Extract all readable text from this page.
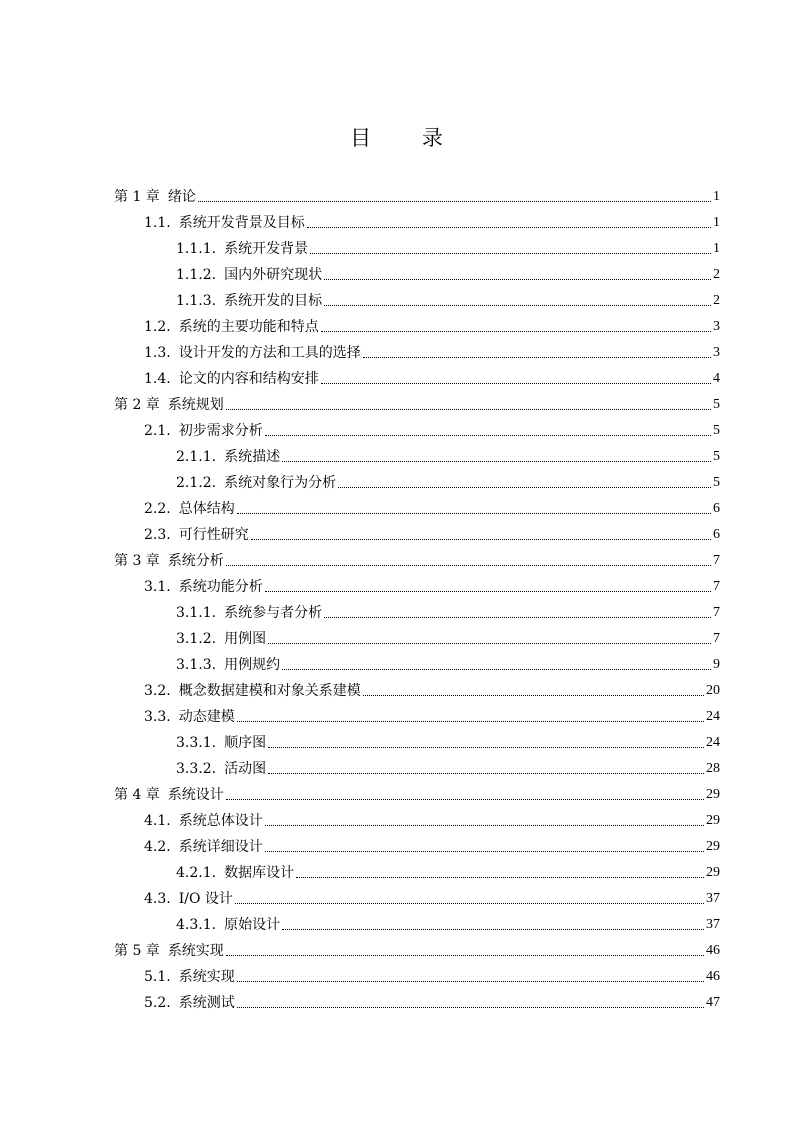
目 录
第 1 章 绪论	1
1.1. 系统开发背景及目标	1
1.1.1. 系统开发背景	1
1.1.2. 国内外研究现状	2
1.1.3. 系统开发的目标	2
1.2. 系统的主要功能和特点	3
1.3. 设计开发的方法和工具的选择	3
1.4. 论文的内容和结构安排	4
第 2 章 系统规划	5
2.1. 初步需求分析	5
2.1.1. 系统描述	5
2.1.2. 系统对象行为分析	5
2.2. 总体结构	6
2.3. 可行性研究	6
第 3 章 系统分析	7
3.1. 系统功能分析	7
3.1.1. 系统参与者分析	7
3.1.2. 用例图	7
3.1.3. 用例规约	9
3.2. 概念数据建模和对象关系建模	20
3.3. 动态建模	24
3.3.1. 顺序图	24
3.3.2. 活动图	28
第 4 章 系统设计	29
4.1. 系统总体设计	29
4.2. 系统详细设计	29
4.2.1. 数据库设计	29
4.3. I/O 设计	37
4.3.1. 原始设计	37
第 5 章 系统实现	46
5.1. 系统实现	46
5.2. 系统测试	47
